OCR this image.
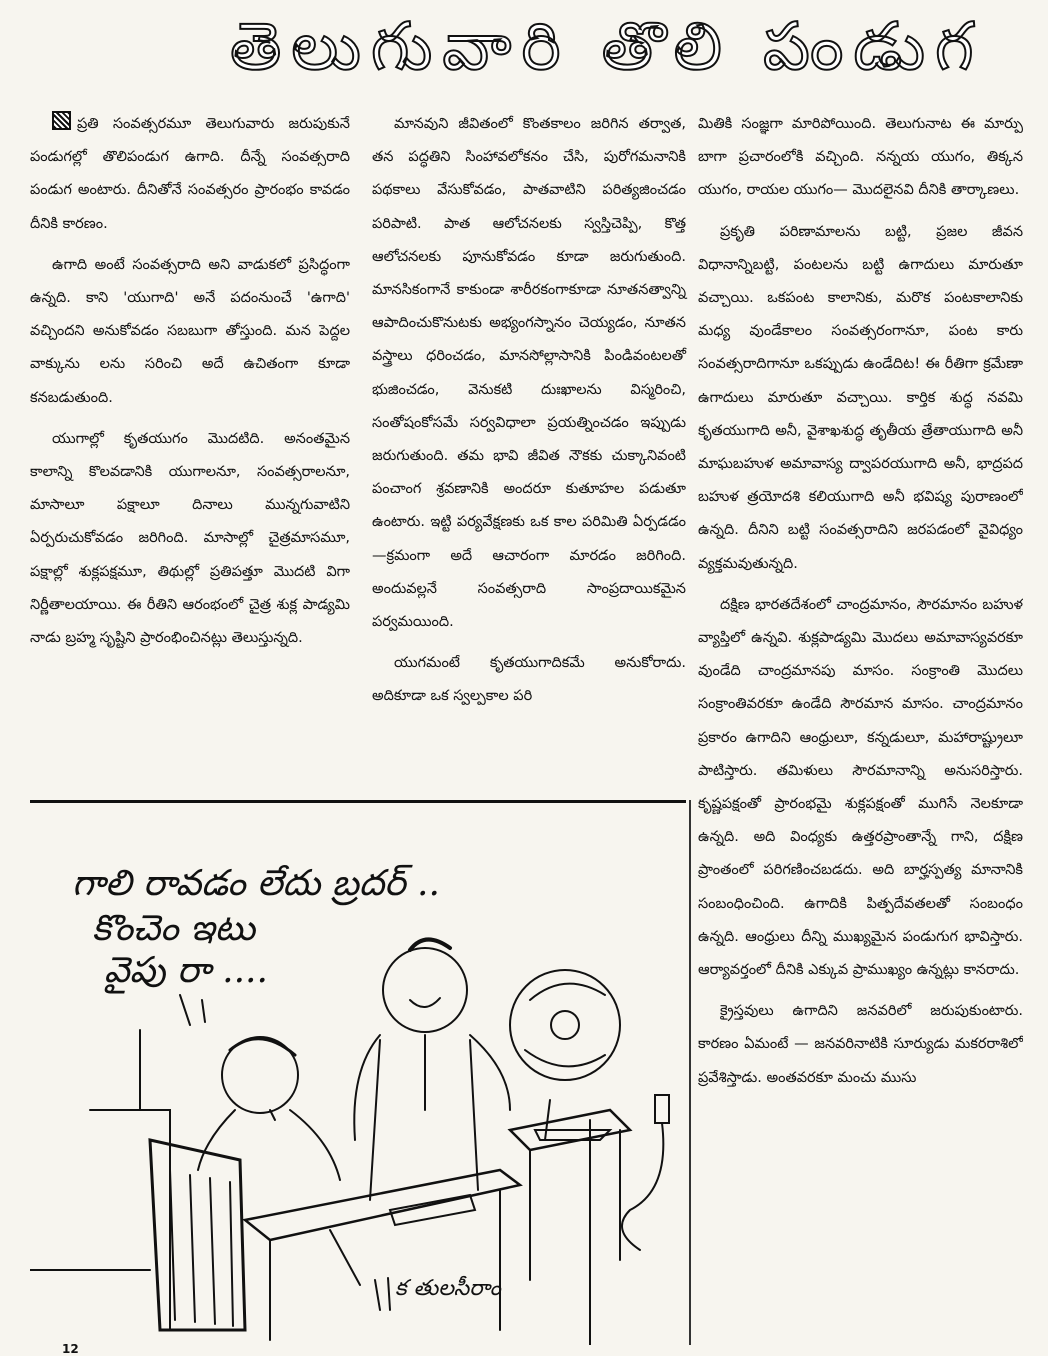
తెలుగువారి తొలి పండుగ

ప్రతి సంవత్సరమూ తెలుగువారు జరుపుకునే పండుగల్లో తొలిపండుగ ఉగాది. దీన్నే సంవత్సరాది పండుగ అంటారు. దీనితోనే సంవత్సరం ప్రారంభం కావడం దీనికి కారణం.

ఉగాది అంటే సంవత్సరాది అని వాడుకలో ప్రసిద్ధంగా ఉన్నది. కాని 'యుగాది' అనే పదంనుంచే 'ఉగాది' వచ్చిందని అనుకోవడం సబబుగా తోస్తుంది. మన పెద్దల వాక్కును లను సరించి అదే ఉచితంగా కూడా కనబడుతుంది.

యుగాల్లో కృతయుగం మొదటిది. అనంతమైన కాలాన్ని కొలవడానికి యుగాలనూ, సంవత్సరాలనూ, మాసాలూ పక్షాలూ దినాలు మున్నగువాటిని ఏర్పరుచుకోవడం జరిగింది. మాసాల్లో చైత్రమాసమూ, పక్షాల్లో శుక్లపక్షమూ, తిథుల్లో ప్రతిపత్తూ మొదటి విగా నిర్ణీతాలయాయి. ఈ రీతిని ఆరంభంలో చైత్ర శుక్ల పాడ్యమి నాడు బ్రహ్మ సృష్టిని ప్రారంభించినట్లు తెలుస్తున్నది.

మానవుని జీవితంలో కొంతకాలం జరిగిన తర్వాత, తన పద్ధతిని సింహావలోకనం చేసి, పురోగమనానికి పథకాలు వేసుకోవడం, పాతవాటిని పరిత్యజించడం పరిపాటి. పాత ఆలోచనలకు స్వస్తిచెప్పి, కొత్త ఆలోచనలకు పూనుకోవడం కూడా జరుగుతుంది. మానసికంగానే కాకుండా శారీరకంగాకూడా నూతనత్వాన్ని ఆపాదించుకొనుటకు అభ్యంగస్నానం చెయ్యడం, నూతన వస్త్రాలు ధరించడం, మానసోల్లాసానికి పిండివంటలతో భుజించడం, వెనుకటి దుఃఖాలను విస్మరించి, సంతోషంకోసమే సర్వవిధాలా ప్రయత్నించడం ఇప్పుడు జరుగుతుంది. తమ భావి జీవిత నౌకకు చుక్కానివంటి పంచాంగ శ్రవణానికి అందరూ కుతూహల పడుతూ ఉంటారు. ఇట్టి పర్యవేక్షణకు ఒక కాల పరిమితి ఏర్పడడం—క్రమంగా అదే ఆచారంగా మారడం జరిగింది. అందువల్లనే సంవత్సరాది సాంప్రదాయికమైన పర్వమయింది.

యుగమంటే కృతయుగాదికమే అనుకోరాదు. అదికూడా ఒక స్వల్పకాల పరి

మితికి సంజ్ఞగా మారిపోయింది. తెలుగునాట ఈ మార్పు బాగా ప్రచారంలోకి వచ్చింది. నన్నయ యుగం, తిక్కన యుగం, రాయల యుగం— మొదలైనవి దీనికి తార్కాణలు.

ప్రకృతి పరిణామాలను బట్టి, ప్రజల జీవన విధానాన్నిబట్టి, పంటలను బట్టి ఉగాదులు మారుతూ వచ్చాయి. ఒకపంట కాలానికు, మరొక పంటకాలానికు మధ్య వుండేకాలం సంవత్సరంగానూ, పంట కారు సంవత్సరాదిగానూ ఒకప్పుడు ఉండేదిట! ఈ రీతిగా క్రమేణా ఉగాదులు మారుతూ వచ్చాయి. కార్తిక శుద్ధ నవమి కృతయుగాది అనీ, వైశాఖశుద్ధ తృతీయ త్రేతాయుగాది అనీ మాఘబహుళ అమావాస్య ద్వాపరయుగాది అనీ, భాద్రపద బహుళ త్రయోదశి కలియుగాది అనీ భవిష్య పురాణంలో ఉన్నది. దీనిని బట్టి సంవత్సరాదిని జరపడంలో వైవిధ్యం వ్యక్తమవుతున్నది.

దక్షిణ భారతదేశంలో చాంద్రమానం, సౌరమానం బహుళ వ్యాప్తిలో ఉన్నవి. శుక్లపాడ్యమి మొదలు అమావాస్యవరకూ వుండేది చాంద్రమానపు మాసం. సంక్రాంతి మొదలు సంక్రాంతివరకూ ఉండేది సౌరమాన మాసం. చాంద్రమానం ప్రకారం ఉగాదిని ఆంధ్రులూ, కన్నడులూ, మహారాష్ట్రులూ పాటిస్తారు. తమిళులు సౌరమానాన్ని అనుసరిస్తారు. కృష్ణపక్షంతో ప్రారంభమై శుక్లపక్షంతో ముగిసే నెలకూడా ఉన్నది. అది వింధ్యకు ఉత్తరప్రాంతాన్నే గాని, దక్షిణ ప్రాంతంలో పరిగణించబడదు. అది బార్హస్పత్య మానానికి సంబంధించింది. ఉగాదికి పిత్పదేవతలతో సంబంధం ఉన్నది. ఆంధ్రులు దీన్ని ముఖ్యమైన పండుగుగ భావిస్తారు. ఆర్యావర్తంలో దీనికి ఎక్కువ ప్రాముఖ్యం ఉన్నట్లు కానరాదు.

క్రైస్తవులు ఉగాదిని జనవరిలో జరుపుకుంటారు. కారణం ఏమంటే — జనవరినాటికి సూర్యుడు మకరరాశిలో ప్రవేశిస్తాడు. అంతవరకూ మంచు ముసు

గాలి రావడం లేదు బ్రదర్ ..
కొంచెం ఇటు
వైపు రా ....
క తులసీరాం
12
